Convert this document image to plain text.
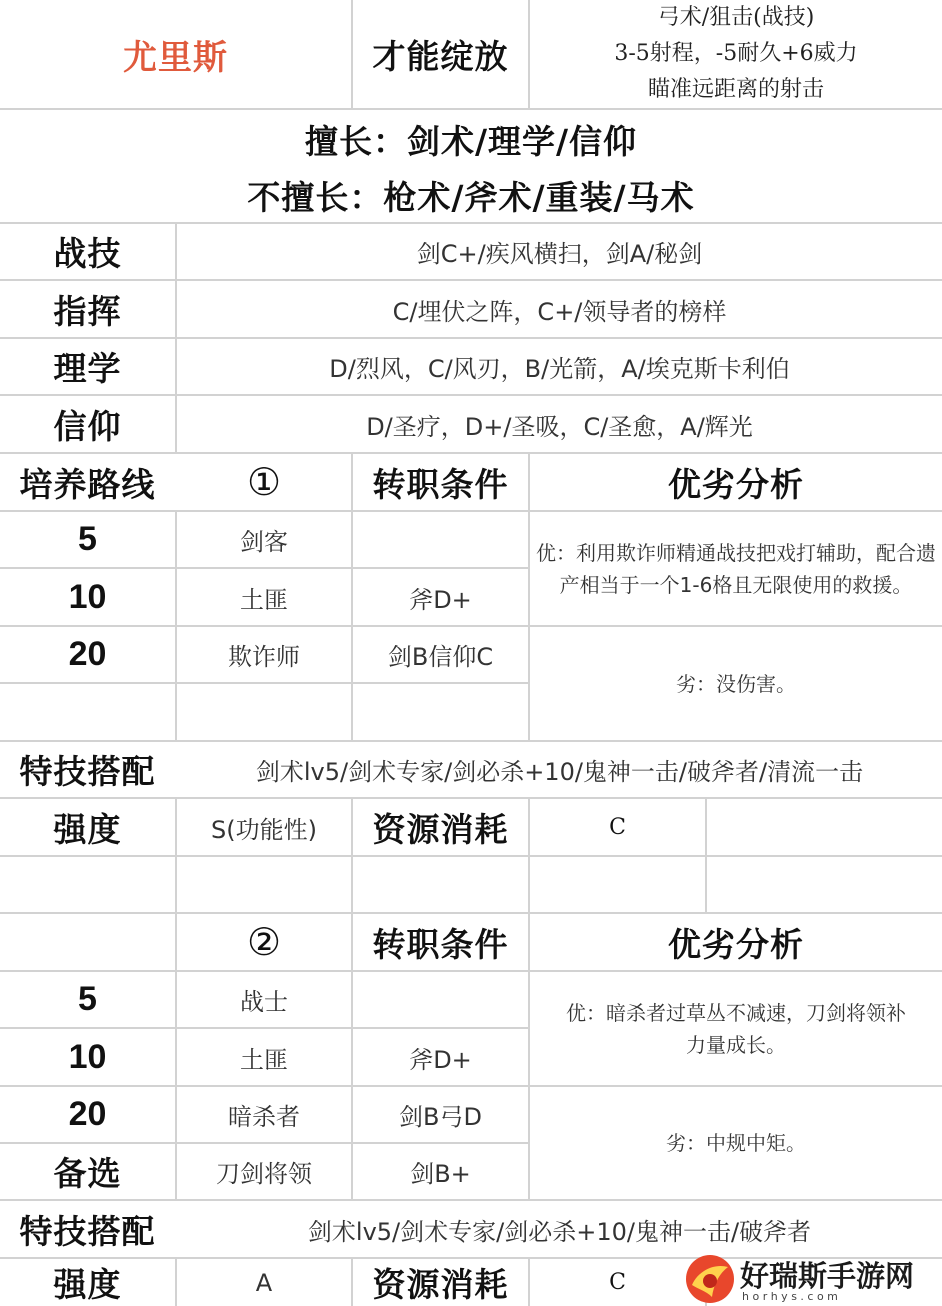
尤里斯	才能绽放
弓术/狙击(战技)
3-5射程，-5耐久+6威力
瞄准远距离的射击
擅长：剑术/理学/信仰
不擅长：枪术/斧术/重装/马术
战技	剑C+/疾风横扫，剑A/秘剑
指挥	C/埋伏之阵，C+/领导者的榜样
理学	D/烈风，C/风刃，B/光箭，A/埃克斯卡利伯
信仰	D/圣疗，D+/圣吸，C/圣愈，A/辉光
培养路线	①	转职条件	优劣分析
5	剑客
10	土匪	斧D+
20	欺诈师	剑B信仰C
优：利用欺诈师精通战技把戏打辅助，配合遗产相当于一个1-6格且无限使用的救援。
劣：没伤害。
特技搭配	剑术lv5/剑术专家/剑必杀+10/鬼神一击/破斧者/清流一击
强度	S(功能性)	资源消耗	C
②	转职条件	优劣分析
5	战士
10	土匪	斧D+
20	暗杀者	剑B弓D
备选	刀剑将领	剑B+
优：暗杀者过草丛不减速，刀剑将领补力量成长。
劣：中规中矩。
特技搭配	剑术lv5/剑术专家/剑必杀+10/鬼神一击/破斧者
强度	A	资源消耗	C	好瑞斯手游网
h o r h y s . c o m
